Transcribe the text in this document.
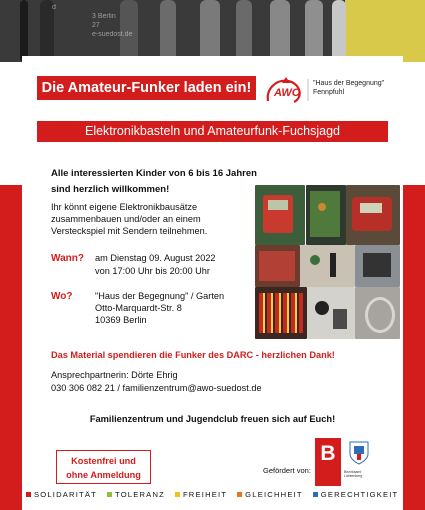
d
3 Berlin
27
e-suedost.de
Die Amateur-Funker laden ein!	AWO
"Haus der Begegnung"
Fennpfuhl
Elektronikbasteln und Amateurfunk-Fuchsjagd
Alle interessierten Kinder von 6 bis 16 Jahren
sind herzlich willkommen!
Ihr könnt eigene Elektronikbausätze
zusammenbauen und/oder an einem
Versteckspiel mit Sendern teilnehmen.
Wann? am Dienstag 09. August 2022
von 17:00 Uhr bis 20:00 Uhr
Wo? "Haus der Begegnung" / Garten
Otto-Marquardt-Str. 8
10369 Berlin
Das Material spendieren die Funker des DARC - herzlichen Dank!
Ansprechpartnerin: Dörte Ehrig
030 306 082 21 / familienzentrum@awo-suedost.de
Familienzentrum und Jugendclub freuen sich auf Euch!
Kostenfrei und
ohne Anmeldung	Gefördert von:
B
Bezirksamt
Lichtenberg
SOLIDARITÄT TOLERANZ FREIHEIT GLEICHHEIT GERECHTIGKEIT
